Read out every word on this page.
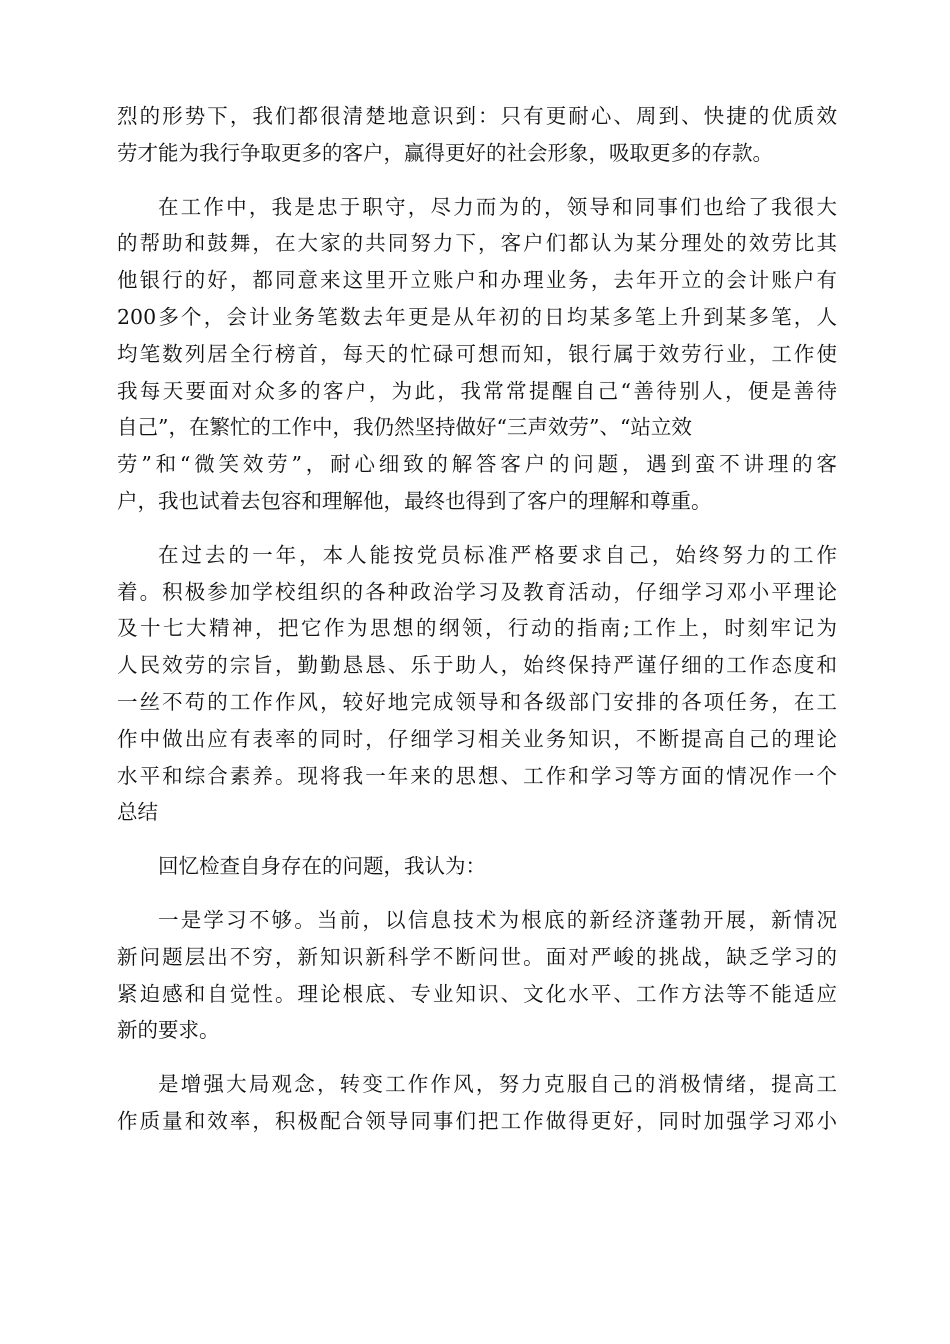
烈的形势下，我们都很清楚地意识到：只有更耐心、周到、快捷的优质效
劳才能为我行争取更多的客户，赢得更好的社会形象，吸取更多的存款。

在工作中，我是忠于职守，尽力而为的，领导和同事们也给了我很大
的帮助和鼓舞，在大家的共同努力下，客户们都认为某分理处的效劳比其
他银行的好，都同意来这里开立账户和办理业务，去年开立的会计账户有
200多个，会计业务笔数去年更是从年初的日均某多笔上升到某多笔，人
均笔数列居全行榜首，每天的忙碌可想而知，银行属于效劳行业，工作使
我每天要面对众多的客户，为此，我常常提醒自己“善待别人，便是善待
自己”，在繁忙的工作中，我仍然坚持做好“三声效劳”、“站立效
劳”和“微笑效劳”，耐心细致的解答客户的问题，遇到蛮不讲理的客
户，我也试着去包容和理解他，最终也得到了客户的理解和尊重。

在过去的一年，本人能按党员标准严格要求自己，始终努力的工作
着。积极参加学校组织的各种政治学习及教育活动，仔细学习邓小平理论
及十七大精神，把它作为思想的纲领，行动的指南;工作上，时刻牢记为
人民效劳的宗旨，勤勤恳恳、乐于助人，始终保持严谨仔细的工作态度和
一丝不苟的工作作风，较好地完成领导和各级部门安排的各项任务，在工
作中做出应有表率的同时，仔细学习相关业务知识，不断提高自己的理论
水平和综合素养。现将我一年来的思想、工作和学习等方面的情况作一个
总结

回忆检查自身存在的问题，我认为：

一是学习不够。当前，以信息技术为根底的新经济蓬勃开展，新情况
新问题层出不穷，新知识新科学不断问世。面对严峻的挑战，缺乏学习的
紧迫感和自觉性。理论根底、专业知识、文化水平、工作方法等不能适应
新的要求。

是增强大局观念，转变工作作风，努力克服自己的消极情绪，提高工
作质量和效率，积极配合领导同事们把工作做得更好，同时加强学习邓小
